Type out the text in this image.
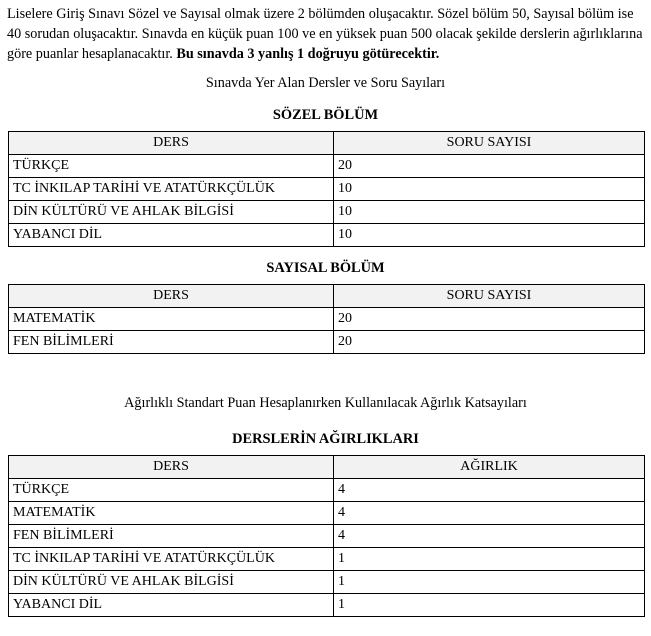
Liselere Giriş Sınavı Sözel ve Sayısal olmak üzere 2 bölümden oluşacaktır. Sözel bölüm 50, Sayısal bölüm ise 40 sorudan oluşacaktır. Sınavda en küçük puan 100 ve en yüksek puan 500 olacak şekilde derslerin ağırlıklarına göre puanlar hesaplanacaktır. Bu sınavda 3 yanlış 1 doğruyu götürecektir.

Sınavda Yer Alan Dersler ve Soru Sayıları
SÖZEL BÖLÜM
DERS	SORU SAYISI
TÜRKÇE	20
TC İNKILAP TARİHİ VE ATATÜRKÇÜLÜK	10
DİN KÜLTÜRÜ VE AHLAK BİLGİSİ	10
YABANCI DİL	10
SAYISAL BÖLÜM
DERS	SORU SAYISI
MATEMATİK	20
FEN BİLİMLERİ	20
Ağırlıklı Standart Puan Hesaplanırken Kullanılacak Ağırlık Katsayıları
DERSLERİN AĞIRLIKLARI
DERS	AĞIRLIK
TÜRKÇE	4
MATEMATİK	4
FEN BİLİMLERİ	4
TC İNKILAP TARİHİ VE ATATÜRKÇÜLÜK	1
DİN KÜLTÜRÜ VE AHLAK BİLGİSİ	1
YABANCI DİL	1
